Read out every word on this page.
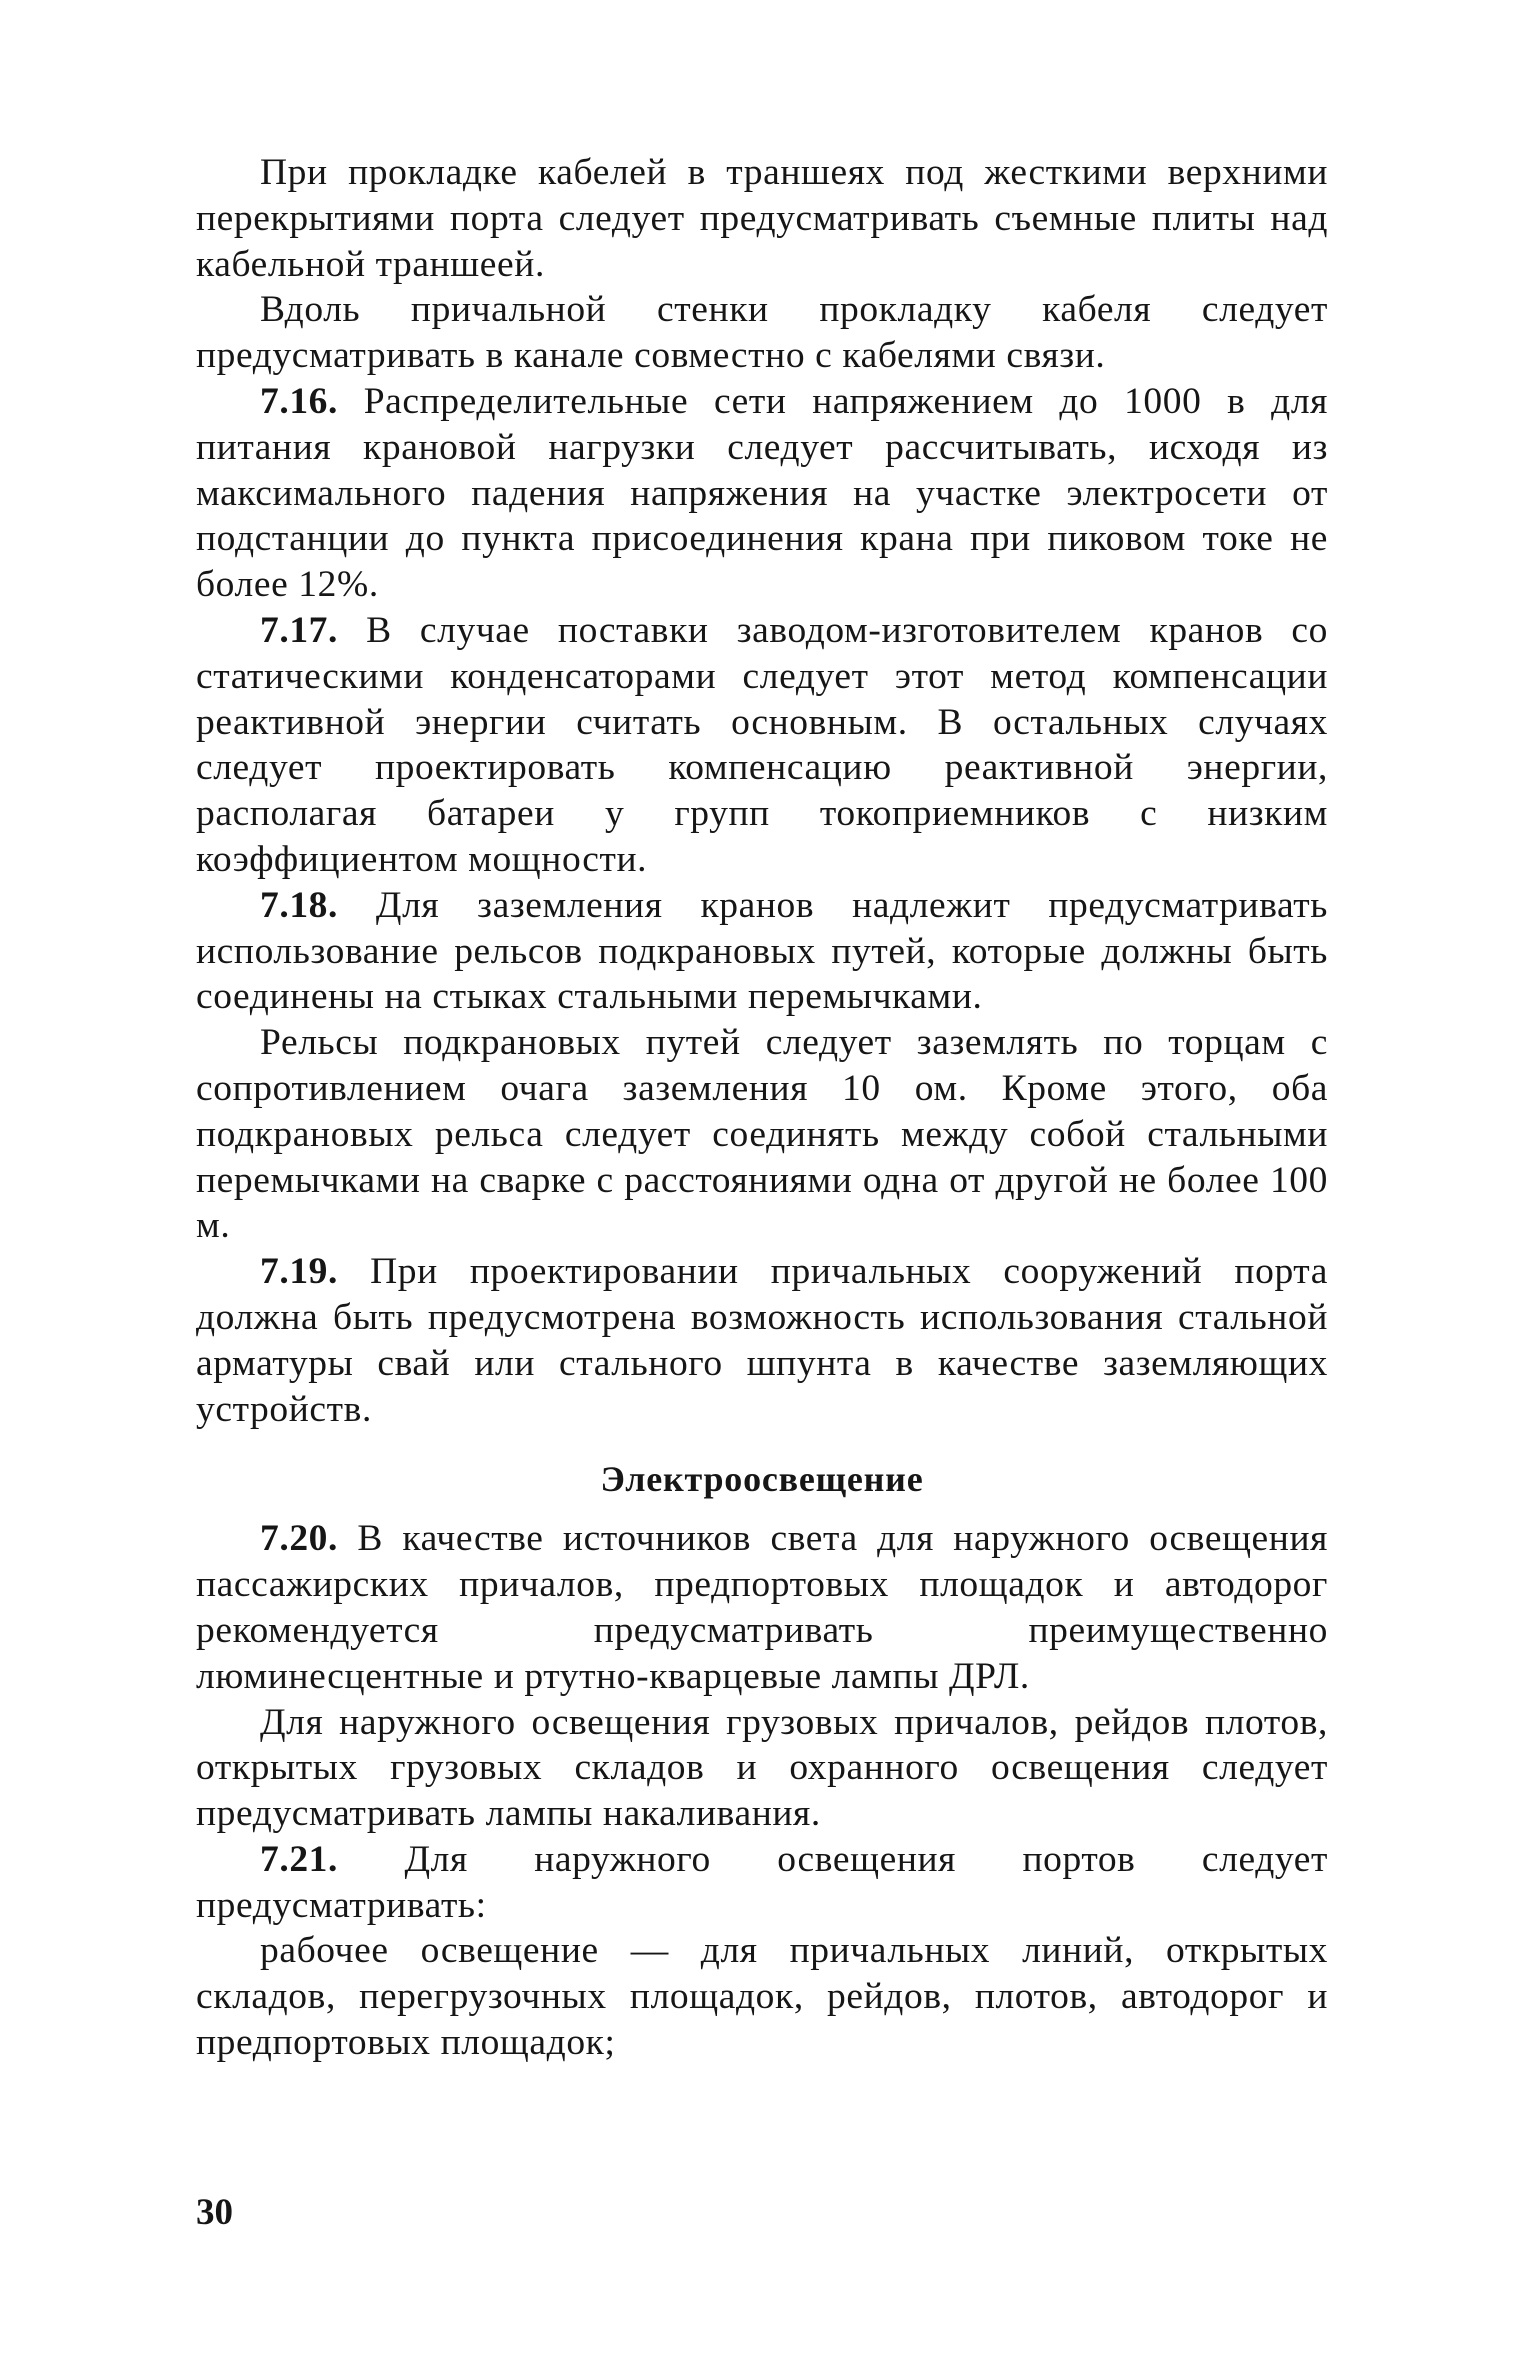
При прокладке кабелей в траншеях под жесткими верхними перекрытиями порта следует предусматривать съемные плиты над кабельной траншеей.

Вдоль причальной стенки прокладку кабеля следует предусматривать в канале совместно с кабелями связи.

7.16. Распределительные сети напряжением до 1000 в для питания крановой нагрузки следует рассчитывать, исходя из максимального падения напряжения на участке электросети от подстанции до пункта присоединения крана при пиковом токе не более 12%.

7.17. В случае поставки заводом-изготовителем кранов со статическими конденсаторами следует этот метод компенсации реактивной энергии считать основным. В остальных случаях следует проектировать компенсацию реактивной энергии, располагая батареи у групп токоприемников с низким коэффициентом мощности.

7.18. Для заземления кранов надлежит предусматривать использование рельсов подкрановых путей, которые должны быть соединены на стыках стальными перемычками.

Рельсы подкрановых путей следует заземлять по торцам с сопротивлением очага заземления 10 ом. Кроме этого, оба подкрановых рельса следует соединять между собой стальными перемычками на сварке с расстояниями одна от другой не более 100 м.

7.19. При проектировании причальных сооружений порта должна быть предусмотрена возможность использования стальной арматуры свай или стального шпунта в качестве заземляющих устройств.

Электроосвещение

7.20. В качестве источников света для наружного освещения пассажирских причалов, предпортовых площадок и автодорог рекомендуется предусматривать преимущественно люминесцентные и ртутно-кварцевые лампы ДРЛ.

Для наружного освещения грузовых причалов, рейдов плотов, открытых грузовых складов и охранного освещения следует предусматривать лампы накаливания.

7.21. Для наружного освещения портов следует предусматривать:

рабочее освещение — для причальных линий, открытых складов, перегрузочных площадок, рейдов, плотов, автодорог и предпортовых площадок;

30
